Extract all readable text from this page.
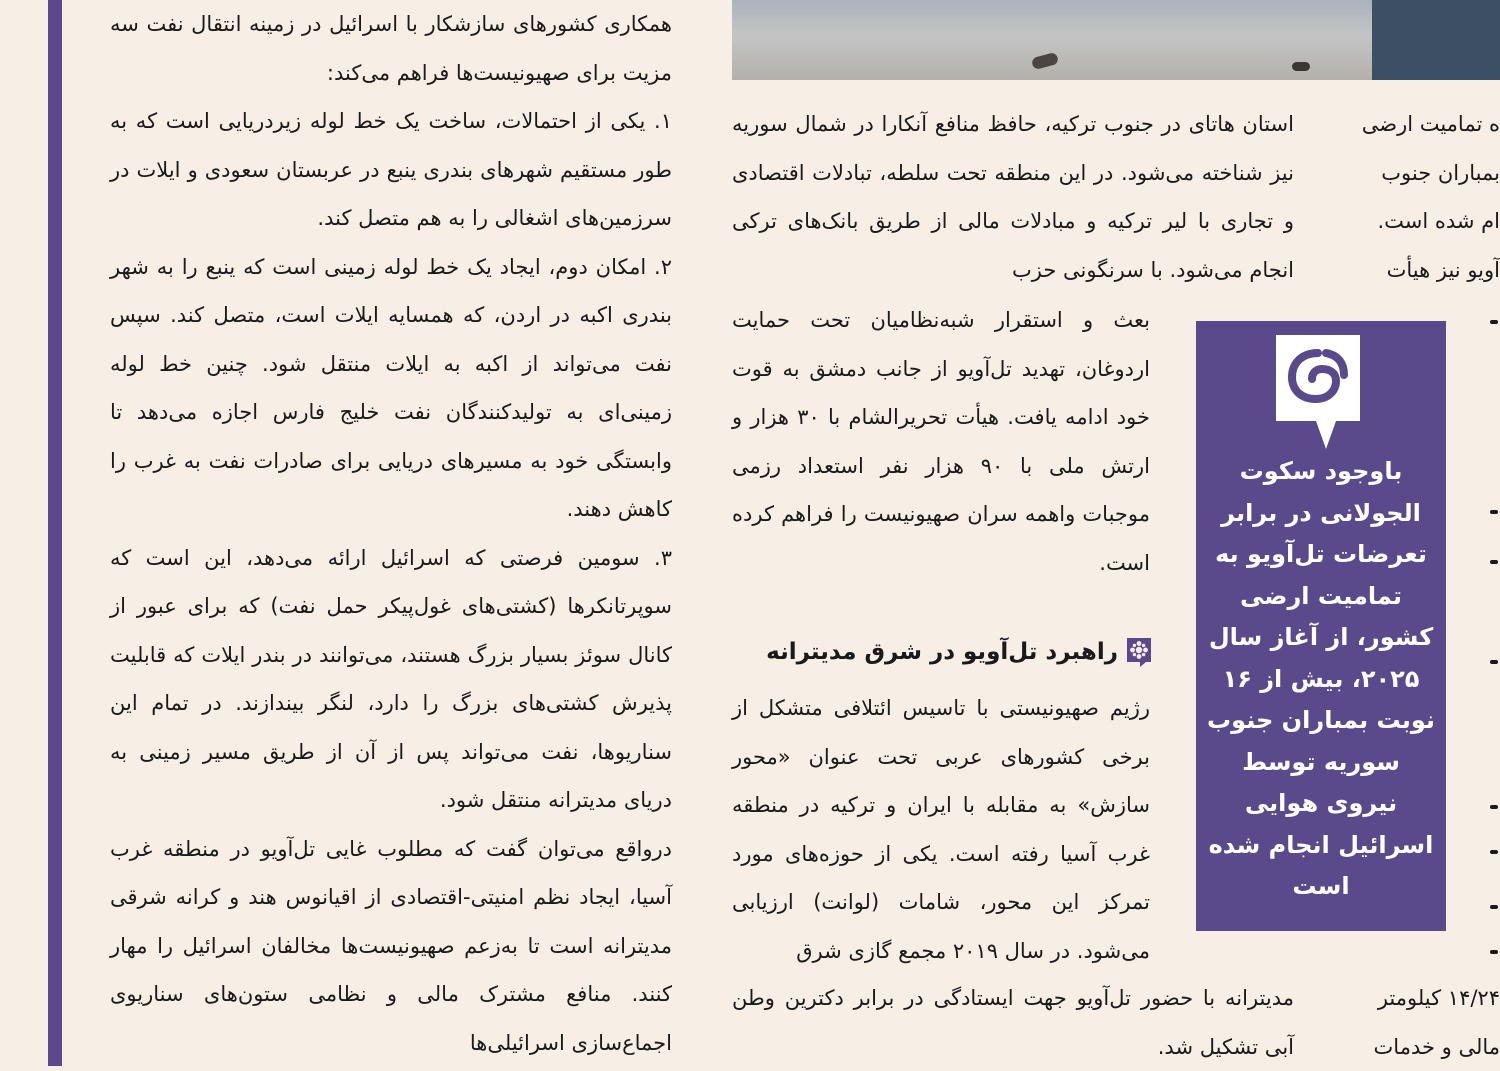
همکاری کشورهای سازشکار با اسرائیل در زمینه انتقال نفت سه مزیت برای صهیونیست‌ها فراهم می‌کند:

۱. یکی از احتمالات، ساخت یک خط لوله زیردریایی است که به طور مستقیم شهرهای بندری ینبع در عربستان سعودی و ایلات در سرزمین‌های اشغالی را به هم متصل کند.

۲. امکان دوم، ایجاد یک خط لوله زمینی است که ینبع را به شهر بندری اکبه در اردن، که همسایه ایلات است، متصل کند. سپس نفت می‌تواند از اکبه به ایلات منتقل شود. چنین خط لوله زمینی‌ای به تولیدکنندگان نفت خلیج فارس اجازه می‌دهد تا وابستگی خود به مسیرهای دریایی برای صادرات نفت به غرب را کاهش دهند.

۳. سومین فرصتی که اسرائیل ارائه می‌دهد، این است که سوپرتانکرها (کشتی‌های غول‌پیکر حمل نفت) که برای عبور از کانال سوئز بسیار بزرگ هستند، می‌توانند در بندر ایلات که قابلیت پذیرش کشتی‌های بزرگ را دارد، لنگر بیندازند. در تمام این سناریوها، نفت می‌تواند پس از آن از طریق مسیر زمینی به دریای مدیترانه منتقل شود.

درواقع می‌توان گفت که مطلوب غایی تل‌آویو در منطقه غرب آسیا، ایجاد نظم امنیتی-اقتصادی از اقیانوس هند و کرانه شرقی مدیترانه است تا به‌زعم صهیونیست‌ها مخالفان اسرائیل را مهار کنند. منافع مشترک مالی و نظامی ستون‌های سناریوی اجماع‌سازی اسرائیلی‌ها

استان هاتای در جنوب ترکیه، حافظ منافع آنکارا در شمال سوریه نیز شناخته می‌شود. در این منطقه تحت سلطه، تبادلات اقتصادی و تجاری با لیر ترکیه و مبادلات مالی از طریق بانک‌های ترکی انجام می‌شود. با سرنگونی حزب

بعث و استقرار شبه‌نظامیان تحت حمایت اردوغان، تهدید تل‌آویو از جانب دمشق به قوت خود ادامه یافت. هیأت تحریرالشام با ۳۰ هزار و ارتش ملی با ۹۰ هزار نفر استعداد رزمی موجبات واهمه سران صهیونیست را فراهم کرده است.

راهبرد تل‌آویو در شرق مدیترانه

رژیم صهیونیستی با تاسیس ائتلافی متشکل از برخی کشورهای عربی تحت عنوان «محور سازش» به مقابله با ایران و ترکیه در منطقه غرب آسیا رفته است. یکی از حوزه‌های مورد تمرکز این محور، شامات (لوانت) ارزیابی می‌شود. در سال ۲۰۱۹ مجمع گازی شرق

مدیترانه با حضور تل‌آویو جهت ایستادگی در برابر دکترین وطن آبی تشکیل شد.

باوجود سکوت الجولانی در برابر تعرضات تل‌آویو به تمامیت ارضی کشور، از آغاز سال ۲۰۲۵، بیش از ۱۶ نوبت بمباران جنوب سوریه توسط نیروی هوایی اسرائیل انجام شده است

ه تمامیت ارضی

بمباران جنوب

ام شده است.

آویو نیز هیأت

۱۴/۲۴ کیلومتر

مالی و خدمات
